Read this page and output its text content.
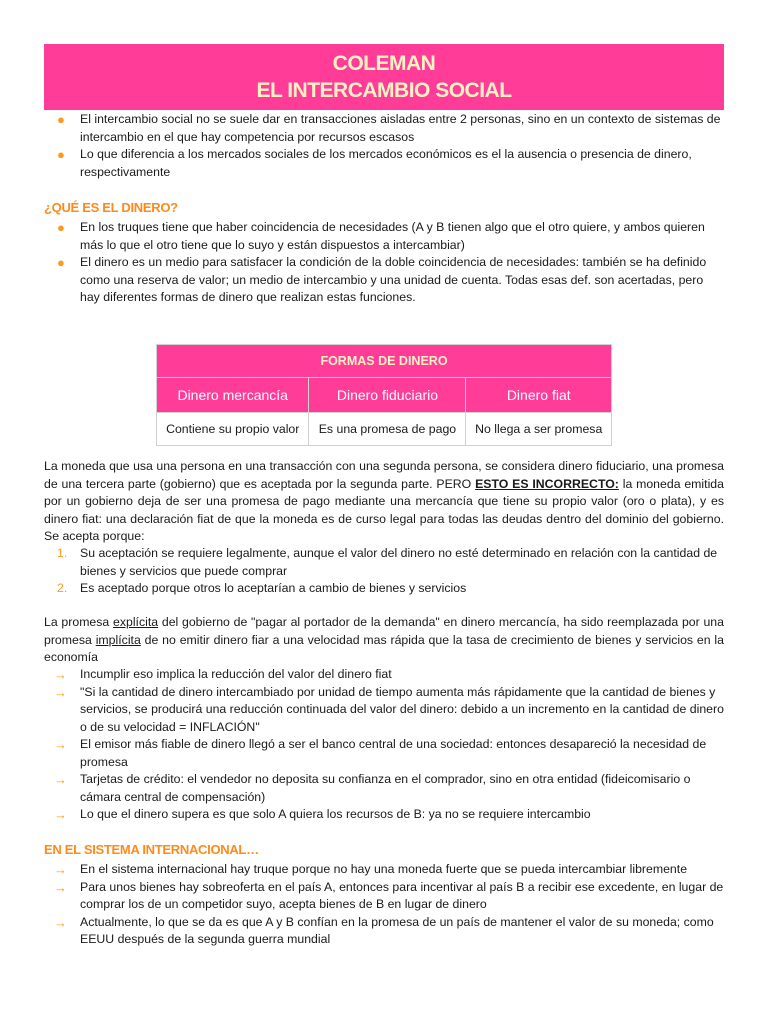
COLEMAN
EL INTERCAMBIO SOCIAL
● El intercambio social no se suele dar en transacciones aisladas entre 2 personas, sino en un contexto de sistemas de intercambio en el que hay competencia por recursos escasos
● Lo que diferencia a los mercados sociales de los mercados económicos es el la ausencia o presencia de dinero, respectivamente
¿QUÉ ES EL DINERO?
● En los truques tiene que haber coincidencia de necesidades (A y B tienen algo que el otro quiere, y ambos quieren más lo que el otro tiene que lo suyo y están dispuestos a intercambiar)
● El dinero es un medio para satisfacer la condición de la doble coincidencia de necesidades: también se ha definido como una reserva de valor; un medio de intercambio y una unidad de cuenta. Todas esas def. son acertadas, pero hay diferentes formas de dinero que realizan estas funciones.
FORMAS DE DINERO		
Dinero mercancía	Dinero fiduciario	Dinero fiat
Contiene su propio valor	Es una promesa de pago	No llega a ser promesa
La moneda que usa una persona en una transacción con una segunda persona, se considera dinero fiduciario, una promesa de una tercera parte (gobierno) que es aceptada por la segunda parte. PERO ESTO ES INCORRECTO: la moneda emitida por un gobierno deja de ser una promesa de pago mediante una mercancía que tiene su propio valor (oro o plata), y es dinero fiat: una declaración fiat de que la moneda es de curso legal para todas las deudas dentro del dominio del gobierno. Se acepta porque:
1. Su aceptación se requiere legalmente, aunque el valor del dinero no esté determinado en relación con la cantidad de bienes y servicios que puede comprar
2. Es aceptado porque otros lo aceptarían a cambio de bienes y servicios
La promesa explícita del gobierno de "pagar al portador de la demanda" en dinero mercancía, ha sido reemplazada por una promesa implícita de no emitir dinero fiar a una velocidad mas rápida que la tasa de crecimiento de bienes y servicios en la economía
→ Incumplir eso implica la reducción del valor del dinero fiat
→ "Si la cantidad de dinero intercambiado por unidad de tiempo aumenta más rápidamente que la cantidad de bienes y servicios, se producirá una reducción continuada del valor del dinero: debido a un incremento en la cantidad de dinero o de su velocidad = INFLACIÓN"
→ El emisor más fiable de dinero llegó a ser el banco central de una sociedad: entonces desapareció la necesidad de promesa
→ Tarjetas de crédito: el vendedor no deposita su confianza en el comprador, sino en otra entidad (fideicomisario o cámara central de compensación)
→ Lo que el dinero supera es que solo A quiera los recursos de B: ya no se requiere intercambio
EN EL SISTEMA INTERNACIONAL…
→ En el sistema internacional hay truque porque no hay una moneda fuerte que se pueda intercambiar libremente
→ Para unos bienes hay sobreoferta en el país A, entonces para incentivar al país B a recibir ese excedente, en lugar de comprar los de un competidor suyo, acepta bienes de B en lugar de dinero
→ Actualmente, lo que se da es que A y B confían en la promesa de un país de mantener el valor de su moneda; como EEUU después de la segunda guerra mundial
